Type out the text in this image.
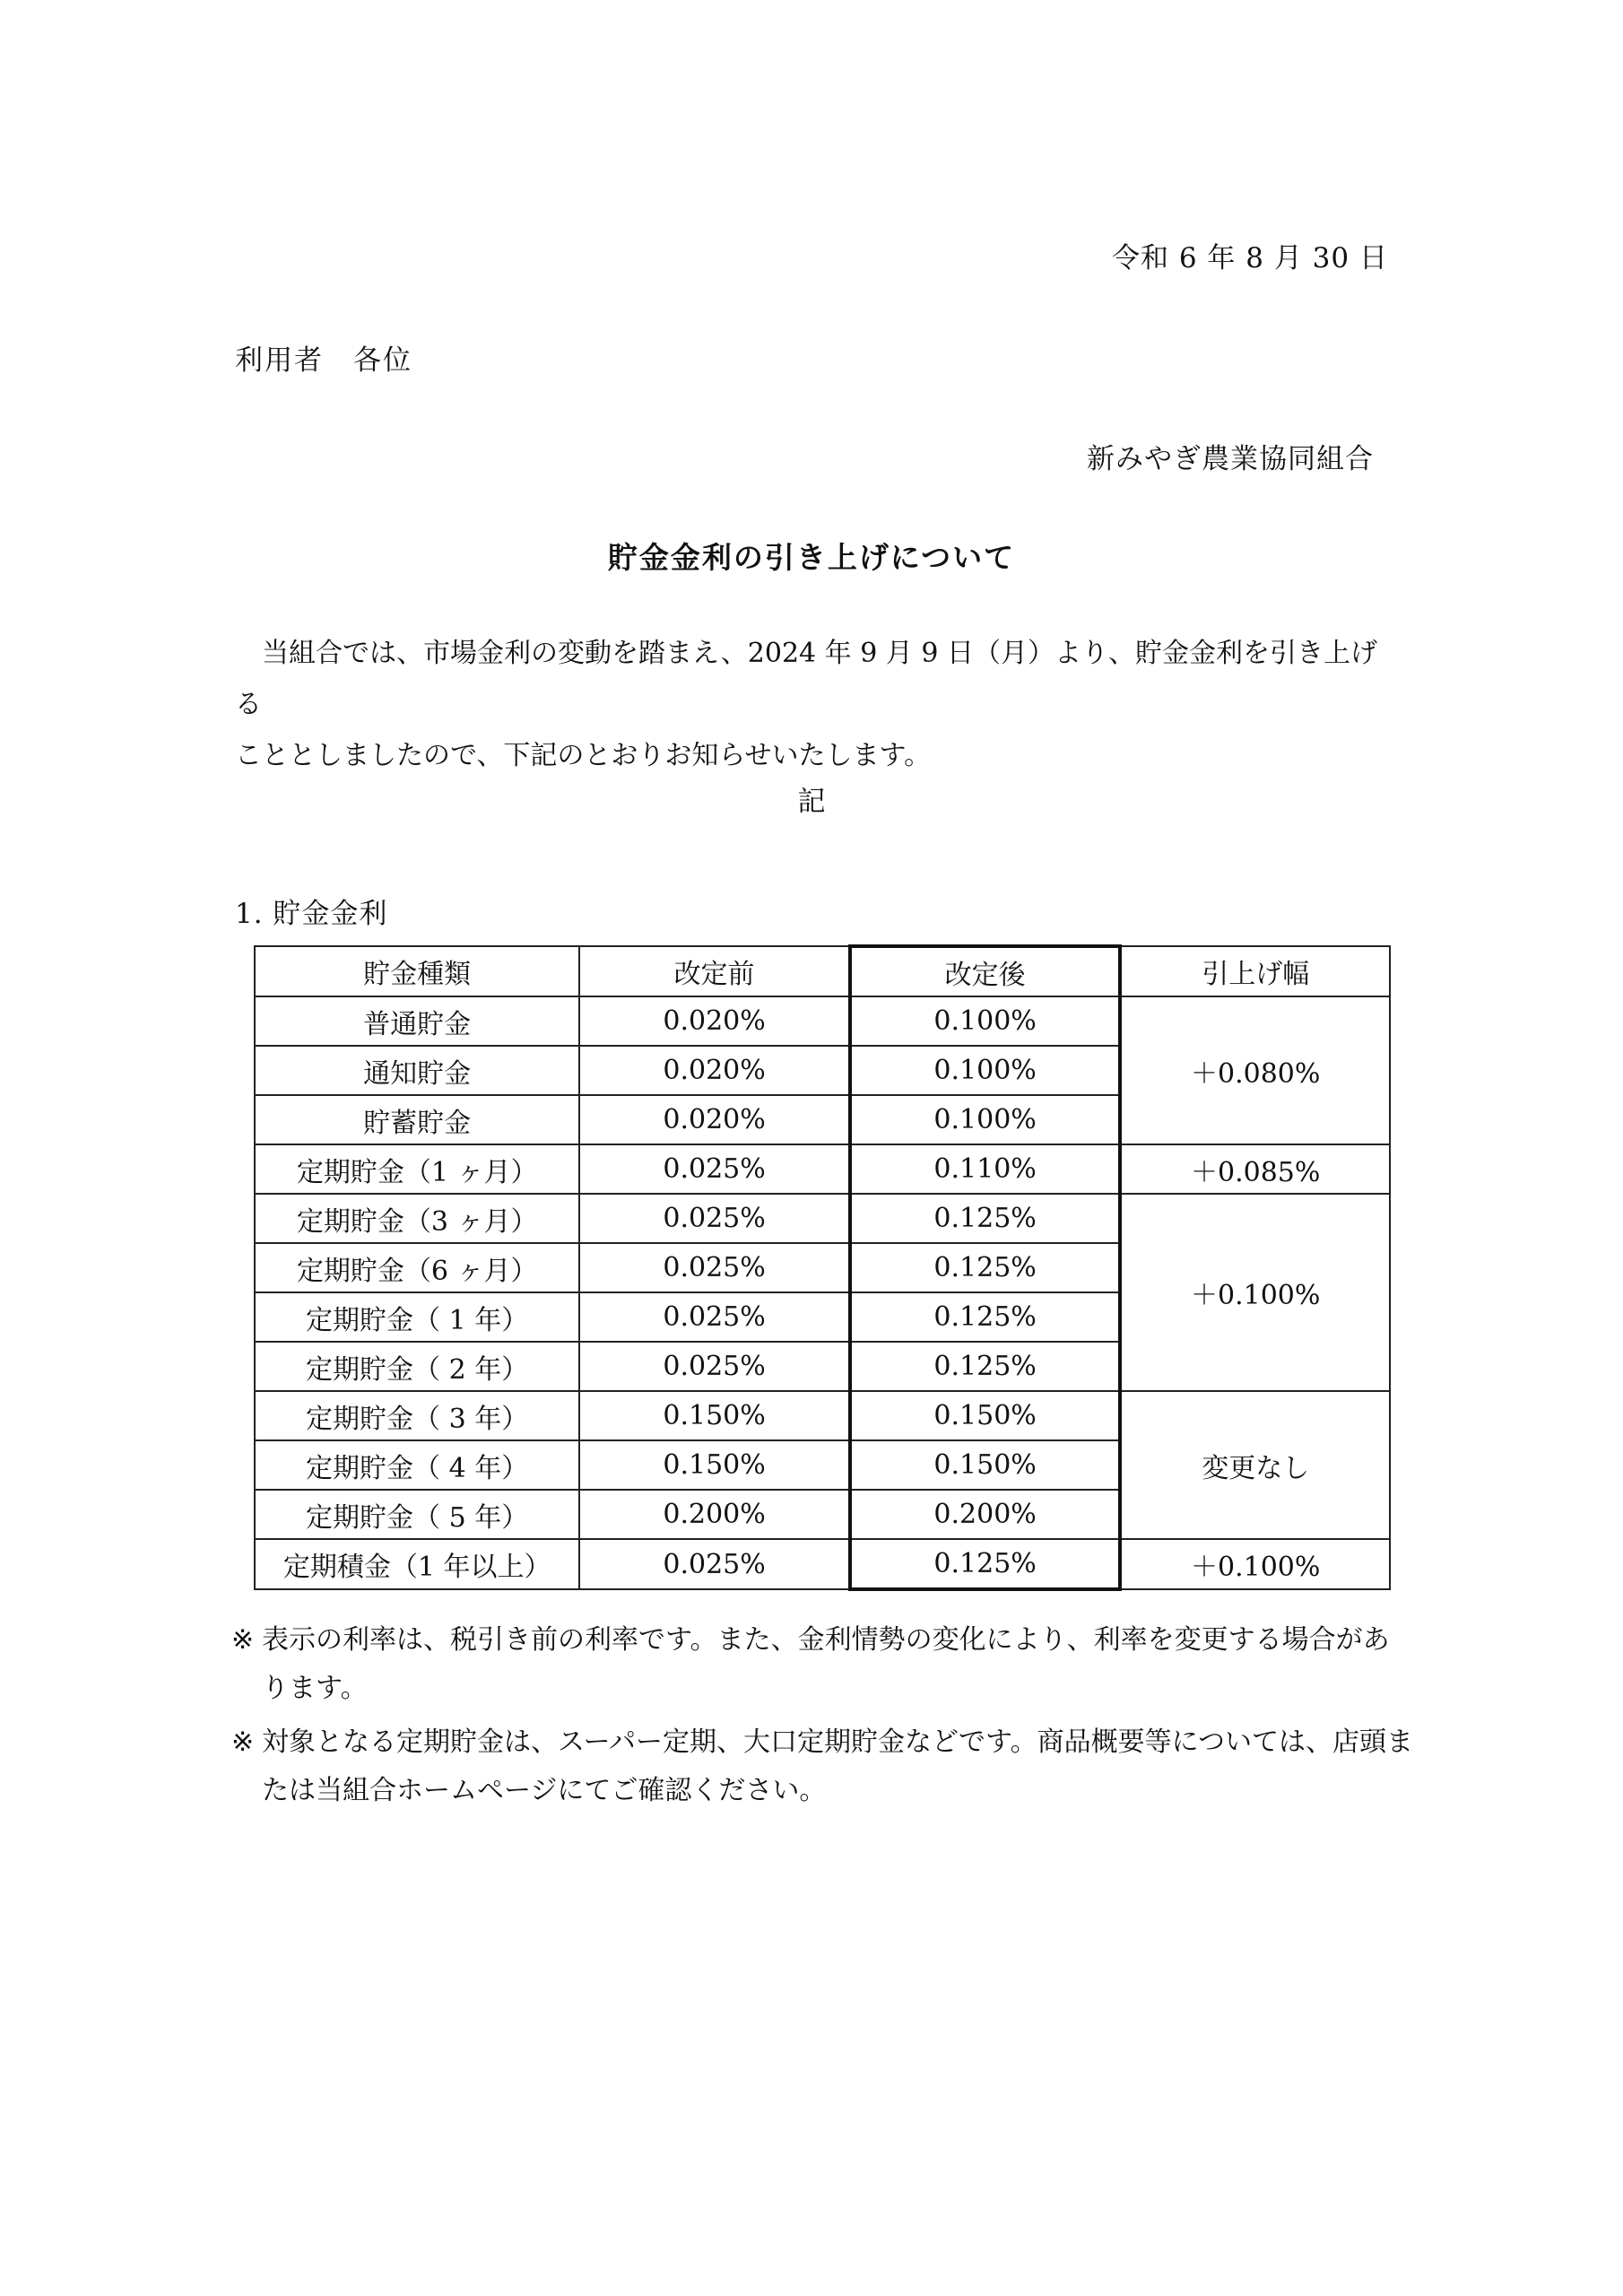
令和 6 年 8 月 30 日
利用者　各位
新みやぎ農業協同組合
貯金金利の引き上げについて

当組合では、市場金利の変動を踏まえ、2024 年 9 月 9 日（月）より、貯金金利を引き上げる

こととしましたので、下記のとおりお知らせいたします。

記
1. 貯金金利
貯金種類	改定前	改定後	引上げ幅
普通貯金	0.020%	0.100%	＋0.080%
通知貯金	0.020%	0.100%	
貯蓄貯金	0.020%	0.100%	
定期貯金（1 ヶ月）	0.025%	0.110%	＋0.085%
定期貯金（3 ヶ月）	0.025%	0.125%	＋0.100%
定期貯金（6 ヶ月）	0.025%	0.125%	
定期貯金（ 1 年）	0.025%	0.125%	
定期貯金（ 2 年）	0.025%	0.125%	
定期貯金（ 3 年）	0.150%	0.150%	変更なし
定期貯金（ 4 年）	0.150%	0.150%	
定期貯金（ 5 年）	0.200%	0.200%	
定期積金（1 年以上）	0.025%	0.125%	＋0.100%
※ 表示の利率は、税引き前の利率です。また、金利情勢の変化により、利率を変更する場合があります。
※ 対象となる定期貯金は、スーパー定期、大口定期貯金などです。商品概要等については、店頭または当組合ホームページにてご確認ください。
